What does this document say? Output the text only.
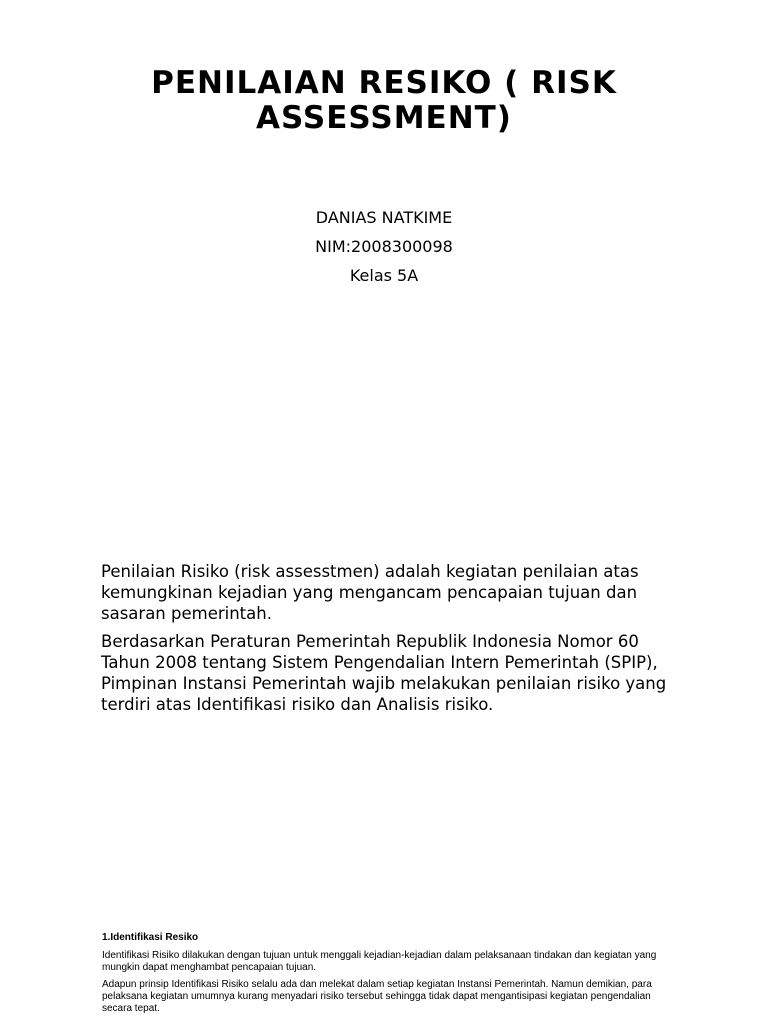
PENILAIAN RESIKO ( RISK ASSESSMENT)
DANIAS NATKIME
NIM:2008300098
Kelas 5A

Penilaian Risiko (risk assesstmen) adalah kegiatan penilaian atas kemungkinan kejadian yang mengancam pencapaian tujuan dan sasaran pemerintah.

Berdasarkan Peraturan Pemerintah Republik Indonesia Nomor 60 Tahun 2008 tentang Sistem Pengendalian Intern Pemerintah (SPIP), Pimpinan Instansi Pemerintah wajib melakukan penilaian risiko yang terdiri atas Identifikasi risiko dan Analisis risiko.

1.Identifikasi Resiko

Identifikasi Risiko dilakukan dengan tujuan untuk menggali kejadian-kejadian dalam pelaksanaan tindakan dan kegiatan yang mungkin dapat menghambat pencapaian tujuan.

Adapun prinsip Identifikasi Risiko selalu ada dan melekat dalam setiap kegiatan Instansi Pemerintah. Namun demikian, para pelaksana kegiatan umumnya kurang menyadari risiko tersebut sehingga tidak dapat mengantisipasi kegiatan pengendalian secara tepat.
